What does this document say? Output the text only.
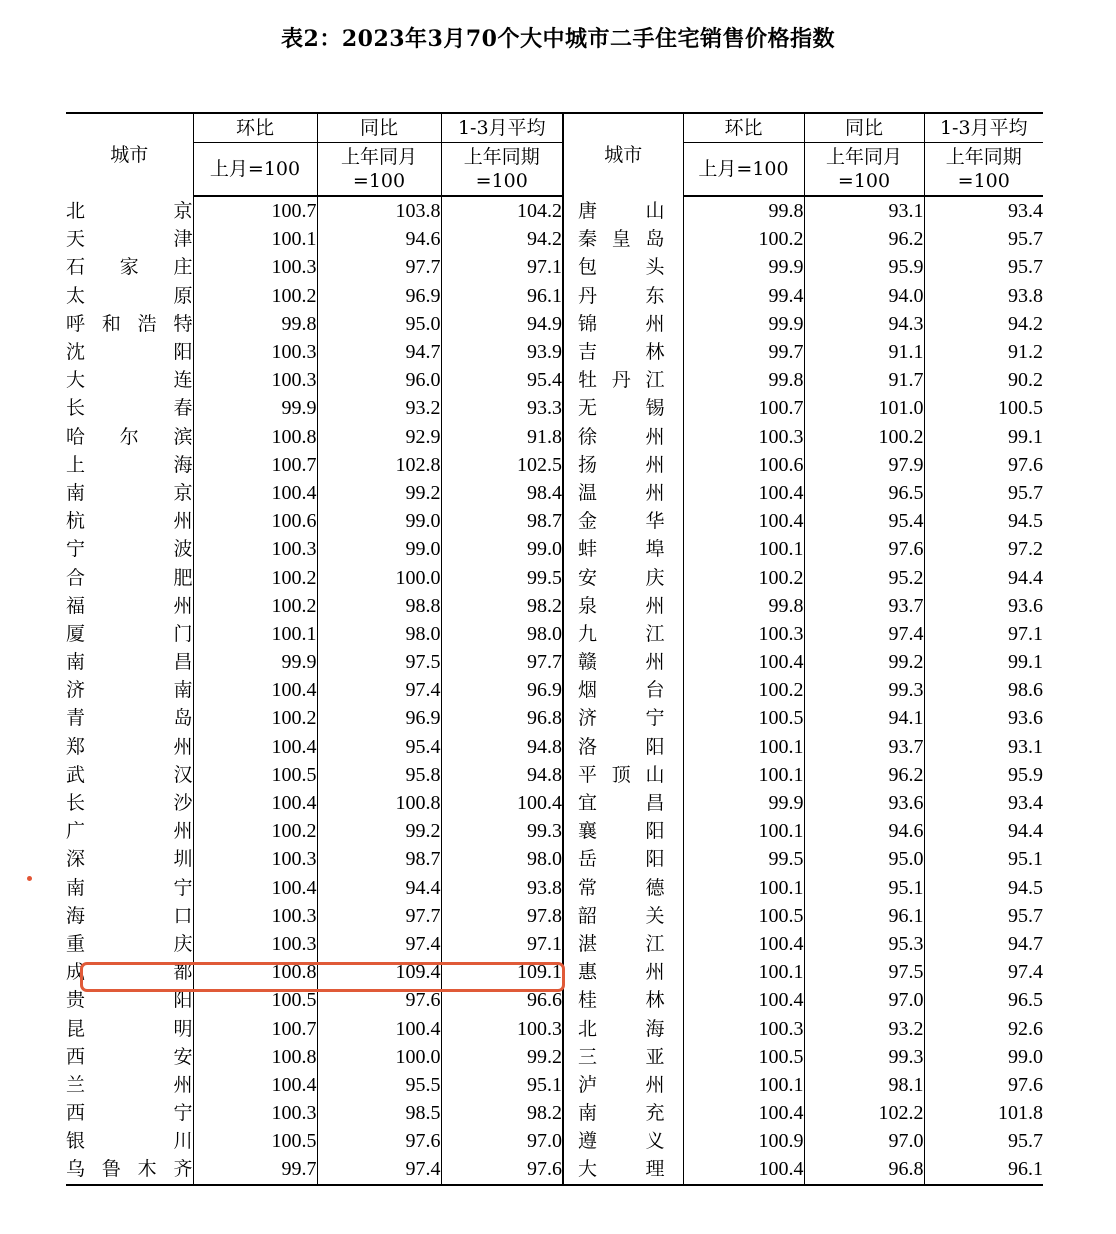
表2：2023年3月70个大中城市二手住宅销售价格指数
城市	环比	同比	1-3月平均	城市	环比	同比	1-3月平均
	上月=100	上年同月=100	上年同期=100		上月=100	上年同月=100	上年同期=100

北京	100.7	103.8	104.2	唐山	99.8	93.1	93.4
天津	100.1	94.6	94.2	秦皇岛	100.2	96.2	95.7
石家庄	100.3	97.7	97.1	包头	99.9	95.9	95.7
太原	100.2	96.9	96.1	丹东	99.4	94.0	93.8
呼和浩特	99.8	95.0	94.9	锦州	99.9	94.3	94.2
沈阳	100.3	94.7	93.9	吉林	99.7	91.1	91.2
大连	100.3	96.0	95.4	牡丹江	99.8	91.7	90.2
长春	99.9	93.2	93.3	无锡	100.7	101.0	100.5
哈尔滨	100.8	92.9	91.8	徐州	100.3	100.2	99.1
上海	100.7	102.8	102.5	扬州	100.6	97.9	97.6
南京	100.4	99.2	98.4	温州	100.4	96.5	95.7
杭州	100.6	99.0	98.7	金华	100.4	95.4	94.5
宁波	100.3	99.0	99.0	蚌埠	100.1	97.6	97.2
合肥	100.2	100.0	99.5	安庆	100.2	95.2	94.4
福州	100.2	98.8	98.2	泉州	99.8	93.7	93.6
厦门	100.1	98.0	98.0	九江	100.3	97.4	97.1
南昌	99.9	97.5	97.7	赣州	100.4	99.2	99.1
济南	100.4	97.4	96.9	烟台	100.2	99.3	98.6
青岛	100.2	96.9	96.8	济宁	100.5	94.1	93.6
郑州	100.4	95.4	94.8	洛阳	100.1	93.7	93.1
武汉	100.5	95.8	94.8	平顶山	100.1	96.2	95.9
长沙	100.4	100.8	100.4	宜昌	99.9	93.6	93.4
广州	100.2	99.2	99.3	襄阳	100.1	94.6	94.4
深圳	100.3	98.7	98.0	岳阳	99.5	95.0	95.1
南宁	100.4	94.4	93.8	常德	100.1	95.1	94.5
海口	100.3	97.7	97.8	韶关	100.5	96.1	95.7
重庆	100.3	97.4	97.1	湛江	100.4	95.3	94.7
成都	100.8	109.4	109.1	惠州	100.1	97.5	97.4
贵阳	100.5	97.6	96.6	桂林	100.4	97.0	96.5
昆明	100.7	100.4	100.3	北海	100.3	93.2	92.6
西安	100.8	100.0	99.2	三亚	100.5	99.3	99.0
兰州	100.4	95.5	95.1	泸州	100.1	98.1	97.6
西宁	100.3	98.5	98.2	南充	100.4	102.2	101.8
银川	100.5	97.6	97.0	遵义	100.9	97.0	95.7
乌鲁木齐	99.7	97.4	97.6	大理	100.4	96.8	96.1
